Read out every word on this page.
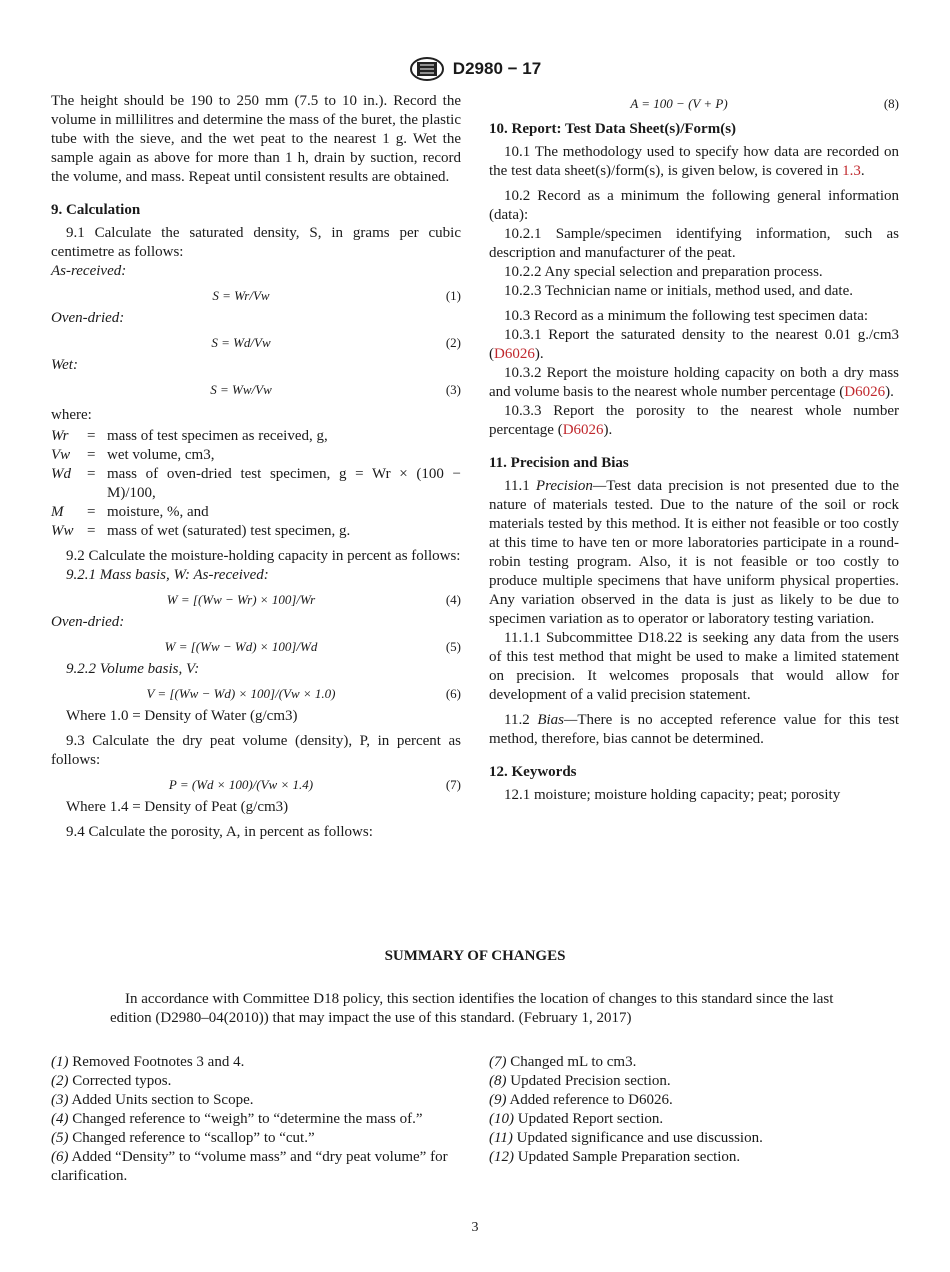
D2980 − 17

The height should be 190 to 250 mm (7.5 to 10 in.). Record the volume in millilitres and determine the mass of the buret, the plastic tube with the sieve, and the wet peat to the nearest 1 g. Wet the sample again as above for more than 1 h, drain by suction, record the volume, and mass. Repeat until consistent results are obtained.

9. Calculation

9.1 Calculate the saturated density, S, in grams per cubic centimetre as follows:

As-received:
S = Wr/Vw	(1)
Oven-dried:
S = Wd/Vw	(2)
Wet:
S = Ww/Vw	(3)
where:
Wr	= mass of test specimen as received, g,
Vw	= wet volume, cm3,
Wd	= mass of oven-dried test specimen, g = Wr × (100 − M)/100,
M	= moisture, %, and
Ww = mass of wet (saturated) test specimen, g.

9.2 Calculate the moisture-holding capacity in percent as follows:

9.2.1 Mass basis, W: As-received:

W = [(Ww − Wr) × 100]/Wr	(4)
Oven-dried:
W = [(Ww − Wd) × 100]/Wd	(5)

9.2.2 Volume basis, V:

V = [(Ww − Wd) × 100]/(Vw × 1.0)	(6)

Where 1.0 = Density of Water (g/cm3)

9.3 Calculate the dry peat volume (density), P, in percent as follows:

P = (Wd × 100)/(Vw × 1.4)	(7)

Where 1.4 = Density of Peat (g/cm3)

9.4 Calculate the porosity, A, in percent as follows:

A = 100 − (V + P)	(8)
10. Report: Test Data Sheet(s)/Form(s)

10.1 The methodology used to specify how data are recorded on the test data sheet(s)/form(s), is given below, is covered in 1.3.

10.2 Record as a minimum the following general information (data):

10.2.1 Sample/specimen identifying information, such as description and manufacturer of the peat.

10.2.2 Any special selection and preparation process.

10.2.3 Technician name or initials, method used, and date.

10.3 Record as a minimum the following test specimen data:

10.3.1 Report the saturated density to the nearest 0.01 g./cm3 (D6026).

10.3.2 Report the moisture holding capacity on both a dry mass and volume basis to the nearest whole number percentage (D6026).

10.3.3 Report the porosity to the nearest whole number percentage (D6026).

11. Precision and Bias

11.1 Precision—Test data precision is not presented due to the nature of materials tested. Due to the nature of the soil or rock materials tested by this method. It is either not feasible or too costly at this time to have ten or more laboratories participate in a round-robin testing program. Also, it is not feasible or too costly to produce multiple specimens that have uniform physical properties. Any variation observed in the data is just as likely to be due to specimen variation as to operator or laboratory testing variation.

11.1.1 Subcommittee D18.22 is seeking any data from the users of this test method that might be used to make a limited statement on precision. It welcomes proposals that would allow for development of a valid precision statement.

11.2 Bias—There is no accepted reference value for this test method, therefore, bias cannot be determined.

12. Keywords

12.1 moisture; moisture holding capacity; peat; porosity

SUMMARY OF CHANGES
In accordance with Committee D18 policy, this section identifies the location of changes to this standard since the last edition (D2980–04(2010)) that may impact the use of this standard. (February 1, 2017)
(1) Removed Footnotes 3 and 4.
(2) Corrected typos.
(3) Added Units section to Scope.
(4) Changed reference to “weigh” to “determine the mass of.”
(5) Changed reference to “scallop” to “cut.”
(6) Added “Density” to “volume mass” and “dry peat volume” for clarification.
(7) Changed mL to cm3.
(8) Updated Precision section.
(9) Added reference to D6026.
(10) Updated Report section.
(11) Updated significance and use discussion.
(12) Updated Sample Preparation section.
3
